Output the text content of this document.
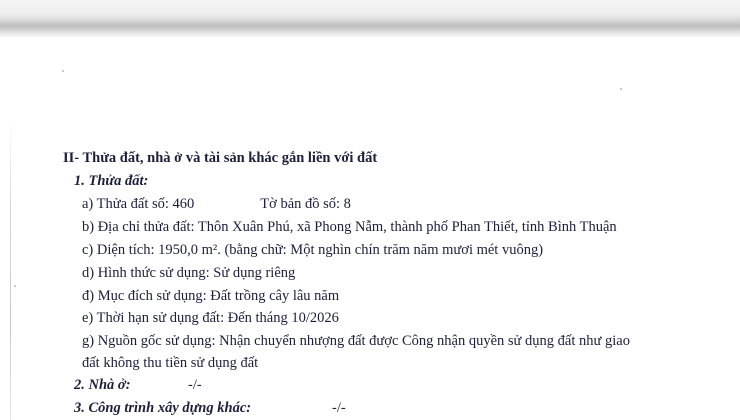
II- Thửa đất, nhà ở và tài sản khác gắn liền với đất
1. Thửa đất:
a) Thửa đất số: 460	Tờ bản đồ số: 8
b) Địa chỉ thửa đất: Thôn Xuân Phú, xã Phong Nẫm, thành phố Phan Thiết, tỉnh Bình Thuận
c) Diện tích: 1950,0 m². (bằng chữ: Một nghìn chín trăm năm mươi mét vuông)
d) Hình thức sử dụng: Sử dụng riêng
đ) Mục đích sử dụng: Đất trồng cây lâu năm
e) Thời hạn sử dụng đất: Đến tháng 10/2026
g) Nguồn gốc sử dụng: Nhận chuyển nhượng đất được Công nhận quyền sử dụng đất như giao
đất không thu tiền sử dụng đất
2. Nhà ở:	-/-
3. Công trình xây dựng khác:	-/-
